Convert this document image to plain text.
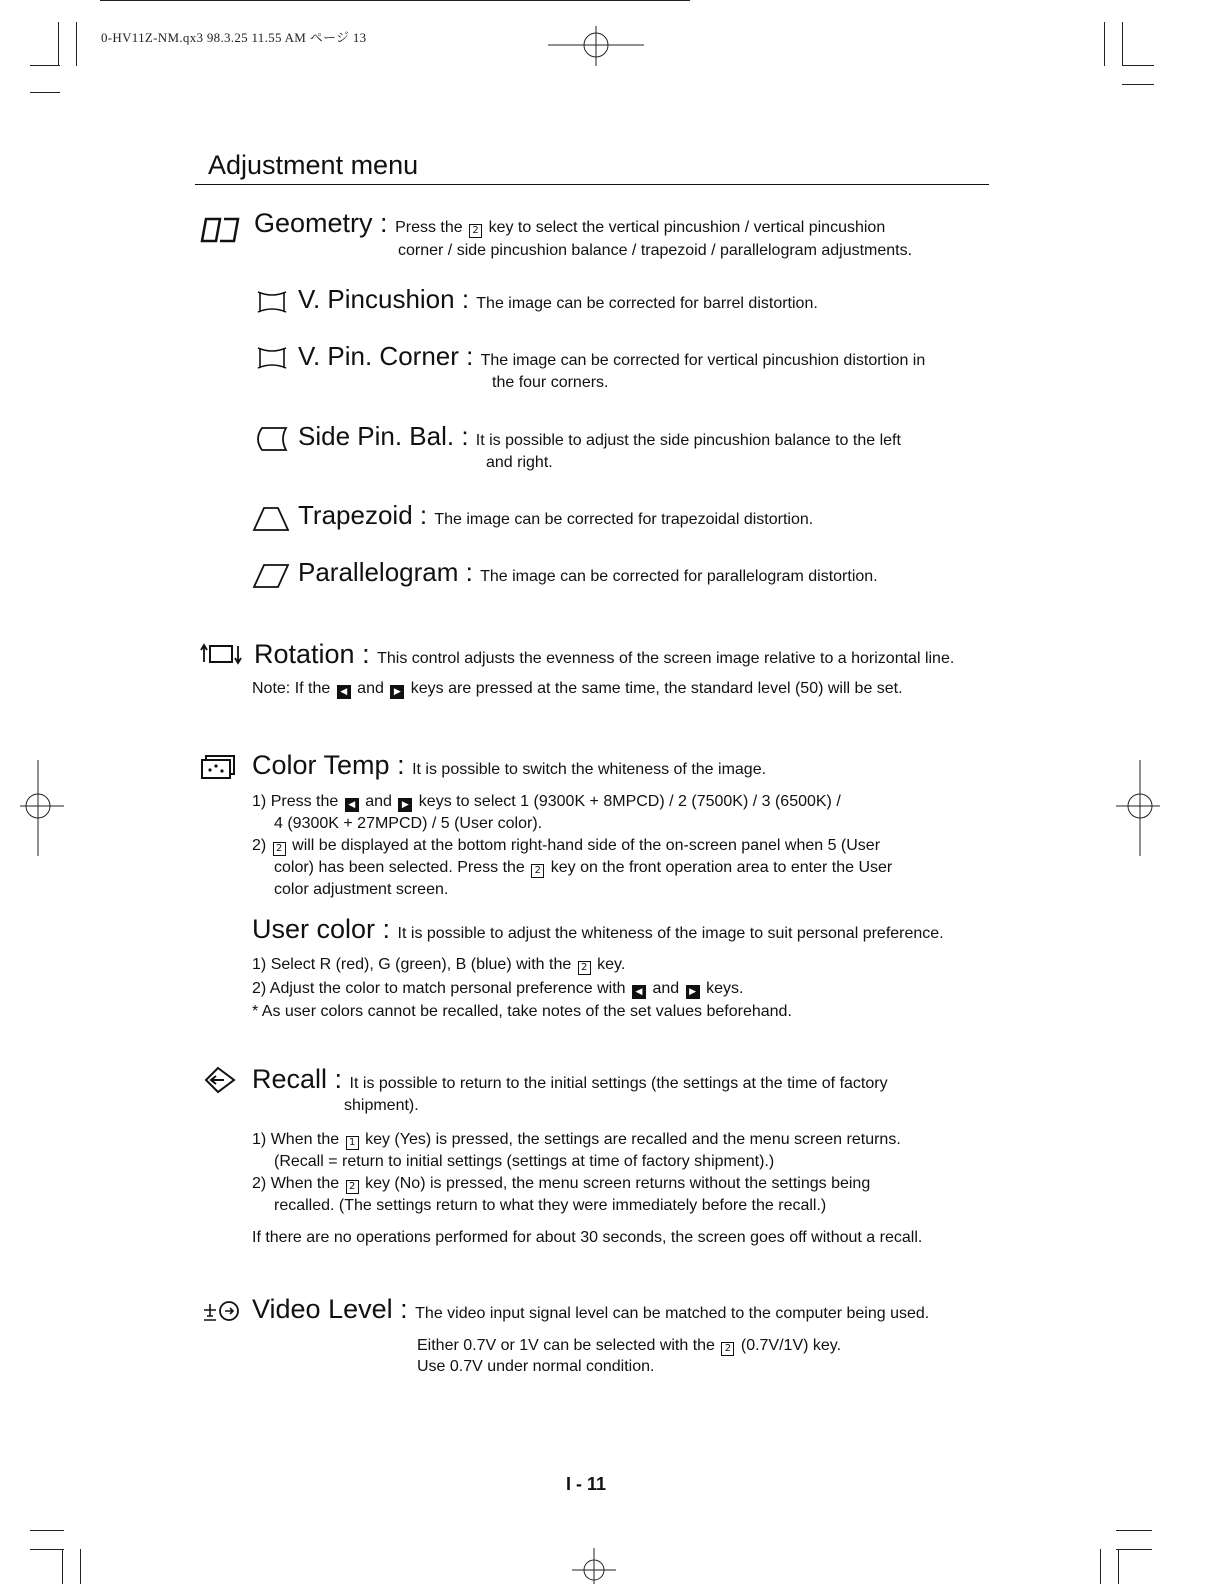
0-HV11Z-NM.qx3 98.3.25 11.55 AM ページ 13
Adjustment menu
Geometry : Press the 2 key to select the vertical pincushion / vertical pincushion
corner / side pincushion balance / trapezoid / parallelogram adjustments.
V. Pincushion : The image can be corrected for barrel distortion.
V. Pin. Corner : The image can be corrected for vertical pincushion distortion in
the four corners.
Side Pin. Bal. : It is possible to adjust the side pincushion balance to the left
and right.
Trapezoid : The image can be corrected for trapezoidal distortion.
Parallelogram : The image can be corrected for parallelogram distortion.
Rotation : This control adjusts the evenness of the screen image relative to a horizontal line.
Note: If the ◀ and ▶ keys are pressed at the same time, the standard level (50) will be set.
Color Temp : It is possible to switch the whiteness of the image.
1) Press the ◀ and ▶ keys to select 1 (9300K + 8MPCD) / 2 (7500K) / 3 (6500K) /
4 (9300K + 27MPCD) / 5 (User color).
2) 2 will be displayed at the bottom right-hand side of the on-screen panel when 5 (User
color) has been selected. Press the 2 key on the front operation area to enter the User
color adjustment screen.
User color : It is possible to adjust the whiteness of the image to suit personal preference.
1) Select R (red), G (green), B (blue) with the 2 key.
2) Adjust the color to match personal preference with ◀ and ▶ keys.
* As user colors cannot be recalled, take notes of the set values beforehand.
Recall : It is possible to return to the initial settings (the settings at the time of factory
shipment).
1) When the 1 key (Yes) is pressed, the settings are recalled and the menu screen returns.
(Recall = return to initial settings (settings at time of factory shipment).)
2) When the 2 key (No) is pressed, the menu screen returns without the settings being
recalled. (The settings return to what they were immediately before the recall.)
If there are no operations performed for about 30 seconds, the screen goes off without a recall.
Video Level : The video input signal level can be matched to the computer being used.
Either 0.7V or 1V can be selected with the 2 (0.7V/1V) key.
Use 0.7V under normal condition.
I - 11
